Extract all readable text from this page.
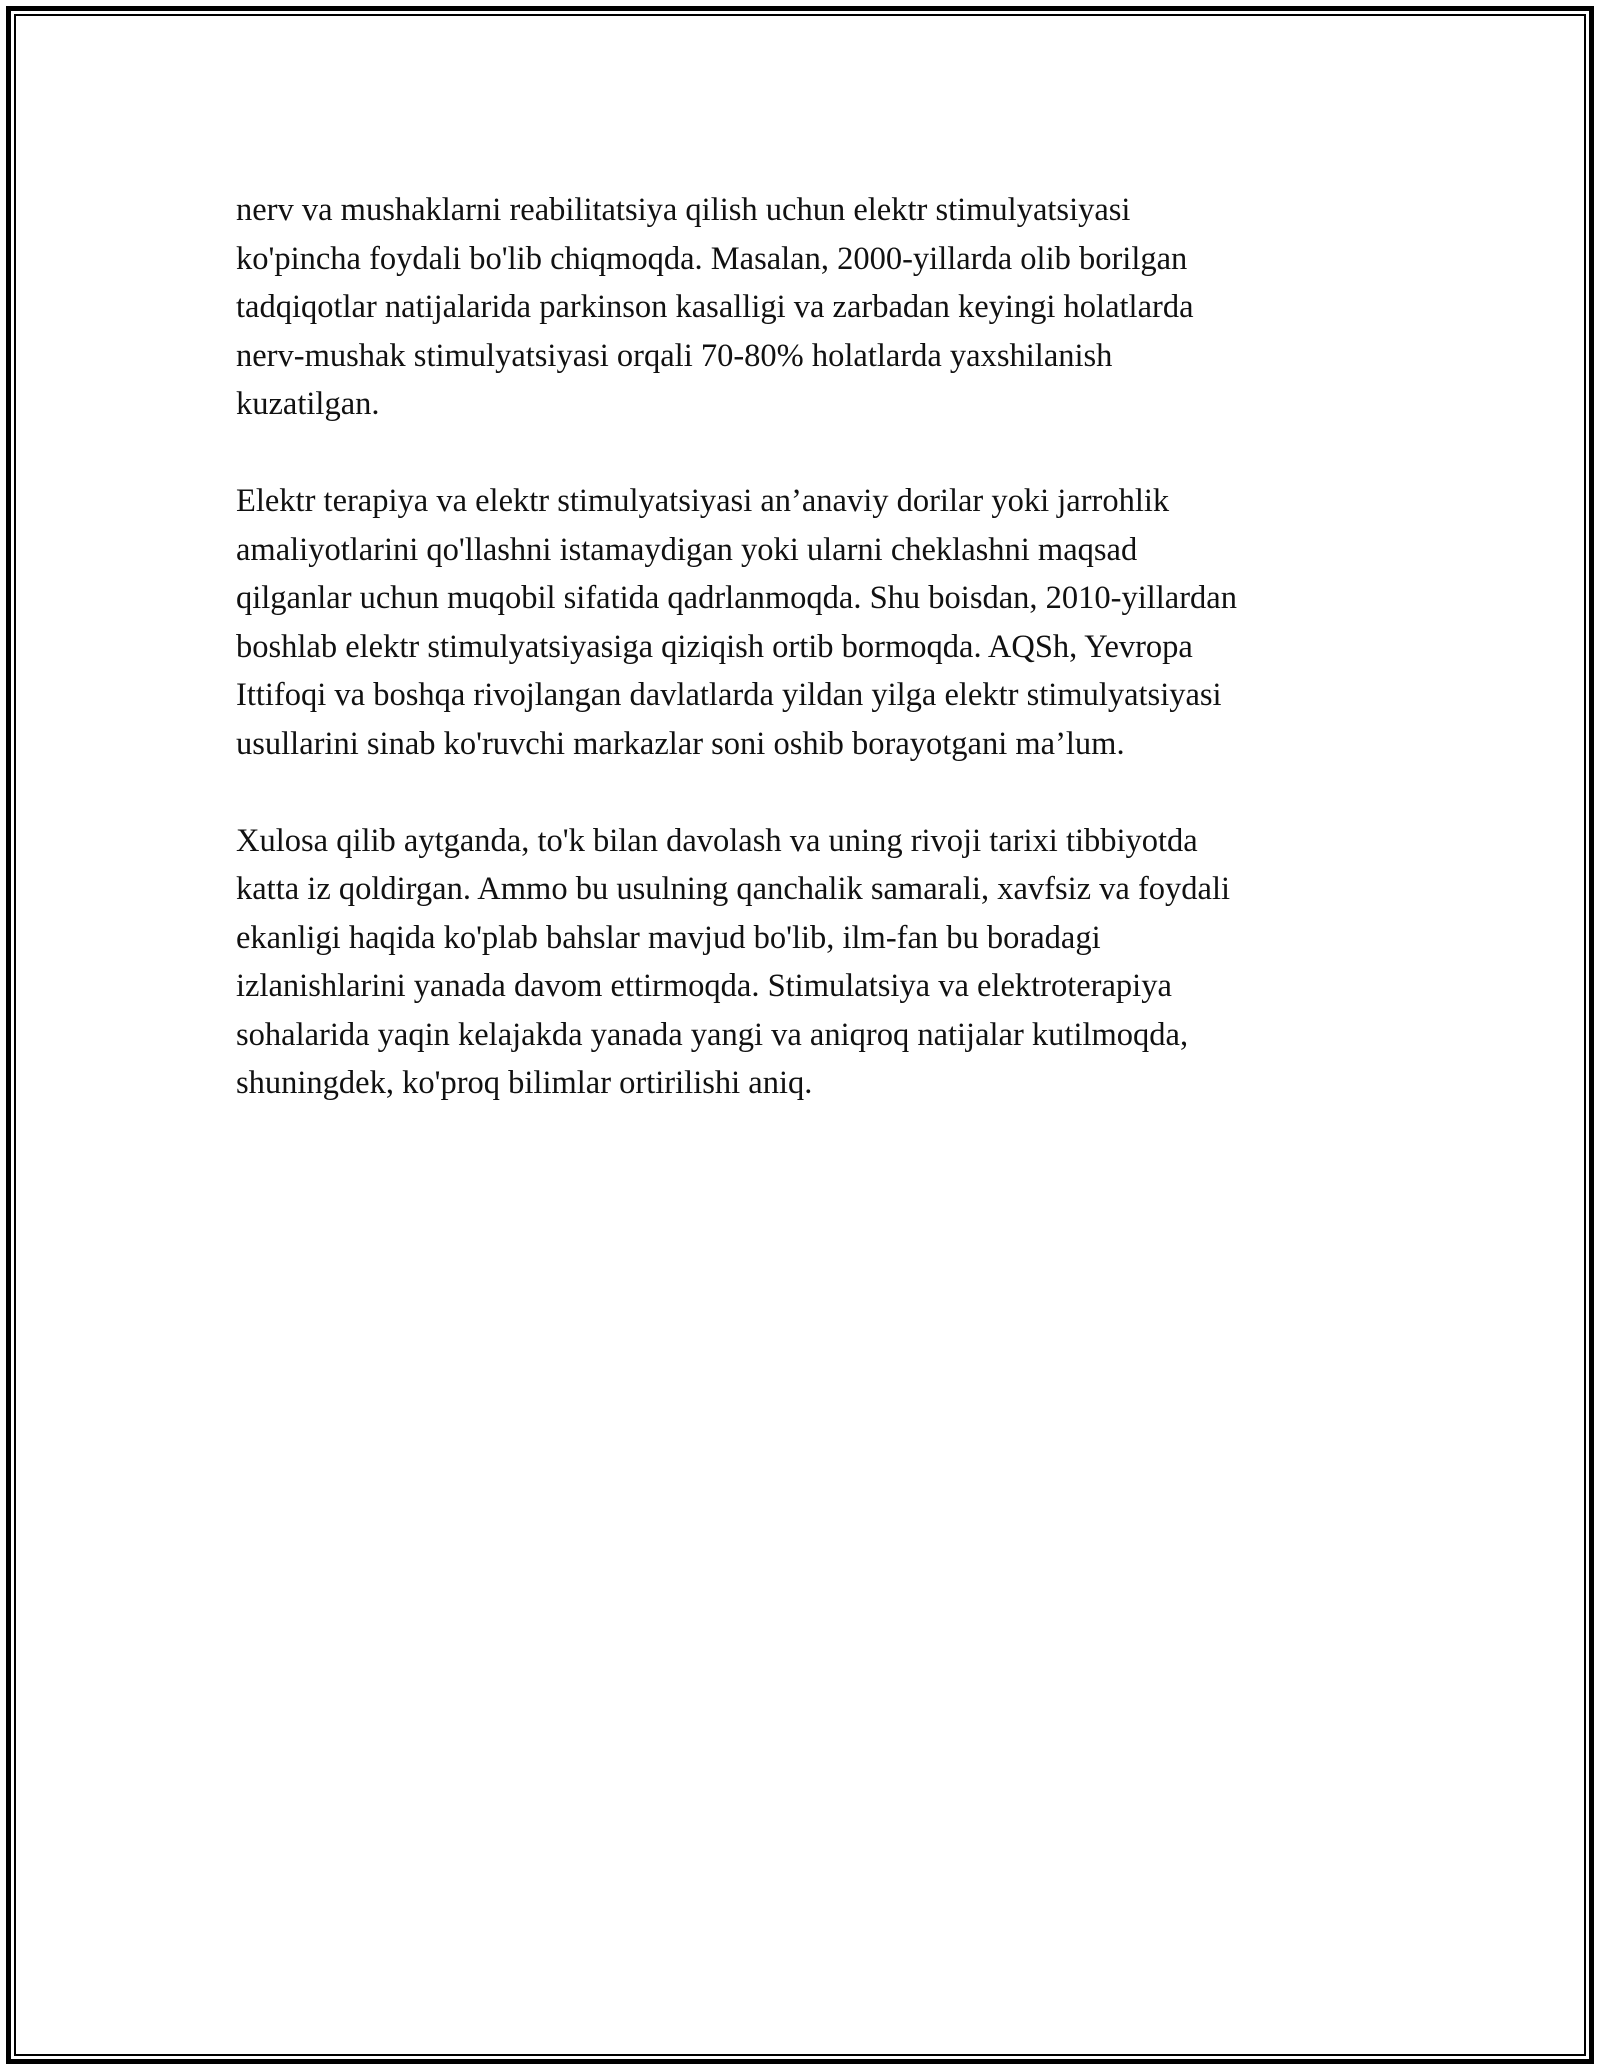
nerv va mushaklarni reabilitatsiya qilish uchun elektr stimulyatsiyasi
ko'pincha foydali bo'lib chiqmoqda. Masalan, 2000-yillarda olib borilgan
tadqiqotlar natijalarida parkinson kasalligi va zarbadan keyingi holatlarda
nerv-mushak stimulyatsiyasi orqali 70-80% holatlarda yaxshilanish
kuzatilgan.

Elektr terapiya va elektr stimulyatsiyasi an’anaviy dorilar yoki jarrohlik
amaliyotlarini qo'llashni istamaydigan yoki ularni cheklashni maqsad
qilganlar uchun muqobil sifatida qadrlanmoqda. Shu boisdan, 2010-yillardan
boshlab elektr stimulyatsiyasiga qiziqish ortib bormoqda. AQSh, Yevropa
Ittifoqi va boshqa rivojlangan davlatlarda yildan yilga elektr stimulyatsiyasi
usullarini sinab ko'ruvchi markazlar soni oshib borayotgani ma’lum.

Xulosa qilib aytganda, to'k bilan davolash va uning rivoji tarixi tibbiyotda
katta iz qoldirgan. Ammo bu usulning qanchalik samarali, xavfsiz va foydali
ekanligi haqida ko'plab bahslar mavjud bo'lib, ilm-fan bu boradagi
izlanishlarini yanada davom ettirmoqda. Stimulatsiya va elektroterapiya
sohalarida yaqin kelajakda yanada yangi va aniqroq natijalar kutilmoqda,
shuningdek, ko'proq bilimlar ortirilishi aniq.
